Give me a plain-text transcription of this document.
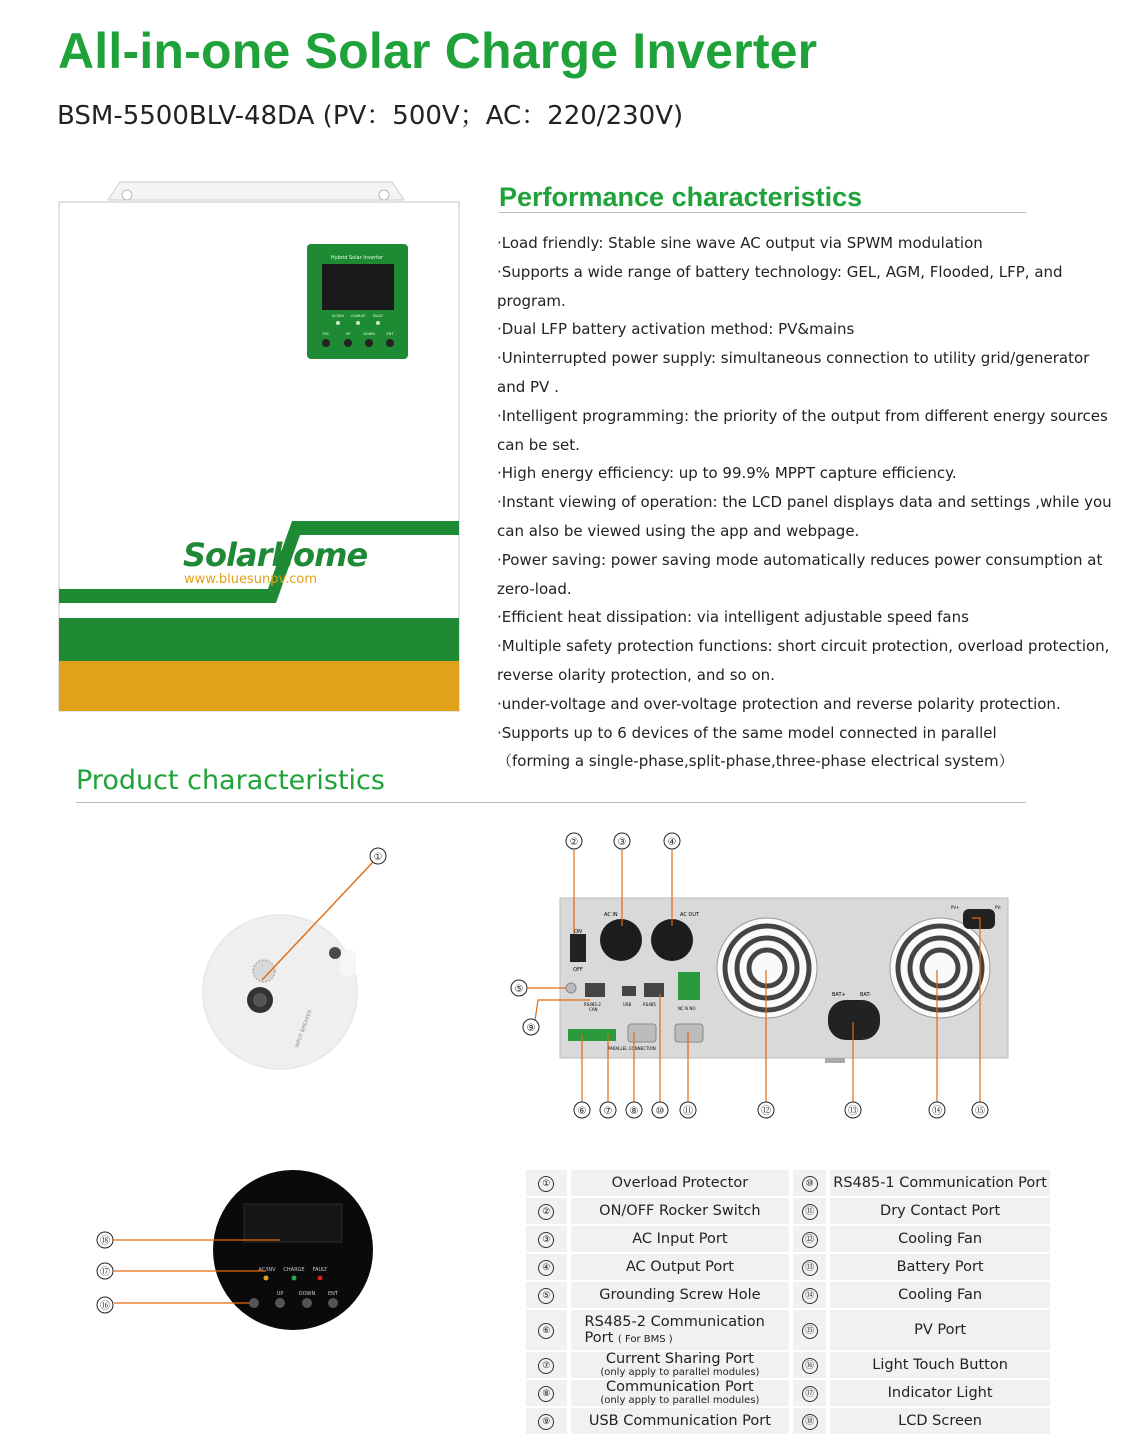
All-in-one Solar Charge Inverter
BSM-5500BLV-48DA (PV：500V；AC：220/230V)
Hybrid Solar Inverter
AC/INV CHARGE FAULT
ESC	UP	DOWN	ENT
Solarhome
www.bluesunpv.com
Performance characteristics
·Load friendly: Stable sine wave AC output via SPWM modulation
·Supports a wide range of battery technology: GEL, AGM, Flooded, LFP, and program.
·Dual LFP battery activation method: PV&mains
·Uninterrupted power supply: simultaneous connection to utility grid/generator
and PV .
·Intelligent programming: the priority of the output from different energy sources
can be set.
·High energy efficiency: up to 99.9% MPPT capture efficiency.
·Instant viewing of operation: the LCD panel displays data and settings ,while you
can also be viewed using the app and webpage.
·Power saving: power saving mode automatically reduces power consumption at
zero-load.
·Efficient heat dissipation: via intelligent adjustable speed fans
·Multiple safety protection functions: short circuit protection, overload protection,
reverse olarity protection, and so on.
·under-voltage and over-voltage protection and reverse polarity protection.
·Supports up to 6 devices of the same model connected in parallel
（forming a single-phase,split-phase,three-phase electrical system）
Product characteristics
INPUT BREAKER
①
ON
OFF
AC IN	AC OUT
RS485-2
CAN
USB	RS485
NC N NO
PARALLEL CONNECTION
BAT+	BAT-
PV+	PV-
②	③	④
⑤
⑨
⑥ ⑦ ⑧ ⑩ ⑪	⑫	⑬	⑭	⑮
AC/INV CHARGE FAULT
UP	DOWN	ENT
⑱
⑰
⑯
①	Overload Protector	⑩	RS485-1 Communication Port
②	ON/OFF Rocker Switch	⑪	Dry Contact Port
③	AC Input Port	⑫	Cooling Fan
④	AC Output Port	⑬	Battery Port
⑤	Grounding Screw Hole	⑭	Cooling Fan
⑥	RS485-2 Communication
Port ( For BMS )	⑮	PV Port
⑦	Current Sharing Port
(only apply to parallel modules)	⑯	Light Touch Button
⑧	Communication Port
(only apply to parallel modules)	⑰	Indicator Light
⑨	USB Communication Port	⑱	LCD Screen
